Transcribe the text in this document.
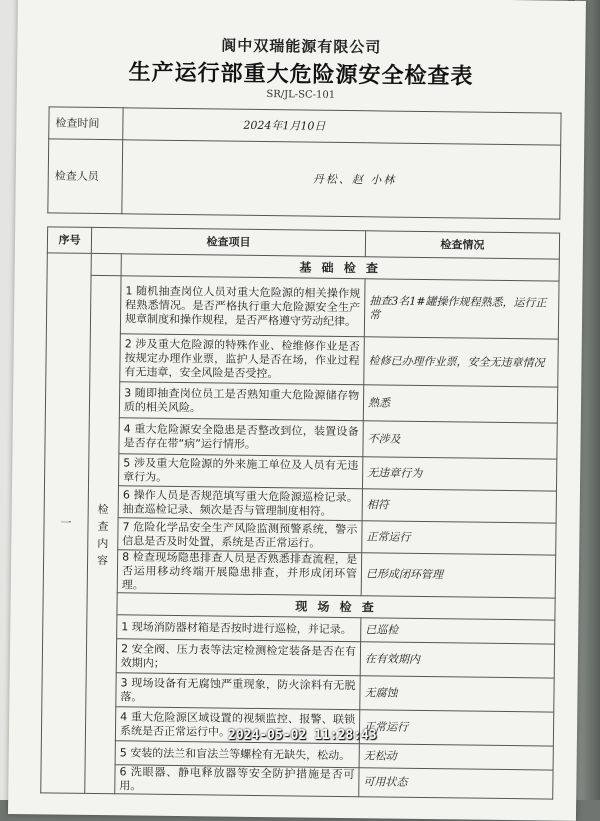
阆中双瑞能源有限公司
生产运行部重大危险源安全检查表
SR/JL-SC-101
检查时间		2024年1月10日	
检查人员		丹松、赵 小林	

序号	检查项目		检查情况
一		基 础 检 查	
	检查内容	1 随机抽查岗位人员对重大危险源的相关操作规程熟悉情况。是否严格执行重大危险源安全生产规章制度和操作规程，是否严格遵守劳动纪律。	抽查3名1#罐操作规程熟悉，运行正常
		2 涉及重大危险源的特殊作业、检维修作业是否按规定办理作业票，监护人是否在场，作业过程有无违章，安全风险是否受控。	检修已办理作业票，安全无违章情况
		3 随即抽查岗位员工是否熟知重大危险源储存物质的相关风险。	熟悉
		4 重大危险源安全隐患是否整改到位，装置设备是否存在带“病”运行情形。	不涉及
		5 涉及重大危险源的外来施工单位及人员有无违章行为。	无违章行为
		6 操作人员是否规范填写重大危险源巡检记录。抽查巡检记录、频次是否与管理制度相符。	相符
		7 危险化学品安全生产风险监测预警系统，警示信息是否及时处置，系统是否正常运行。	正常运行
		8 检查现场隐患排查人员是否熟悉排查流程，是否运用移动终端开展隐患排查，并形成闭环管理。	已形成闭环管理
		现 场 检 查	
		1 现场消防器材箱是否按时进行巡检，并记录。	已巡检
		2 安全阀、压力表等法定检测检定装备是否在有效期内；	在有效期内
		3 现场设备有无腐蚀严重现象，防火涂料有无脱落。	无腐蚀
		4 重大危险源区域设置的视频监控、报警、联锁系统是否正常运行中。	正常运行
		5 安装的法兰和盲法兰等螺栓有无缺失，松动。	无松动
		6 洗眼器、静电释放器等安全防护措施是否可用。	可用状态
2024-05-02 11:28:43
